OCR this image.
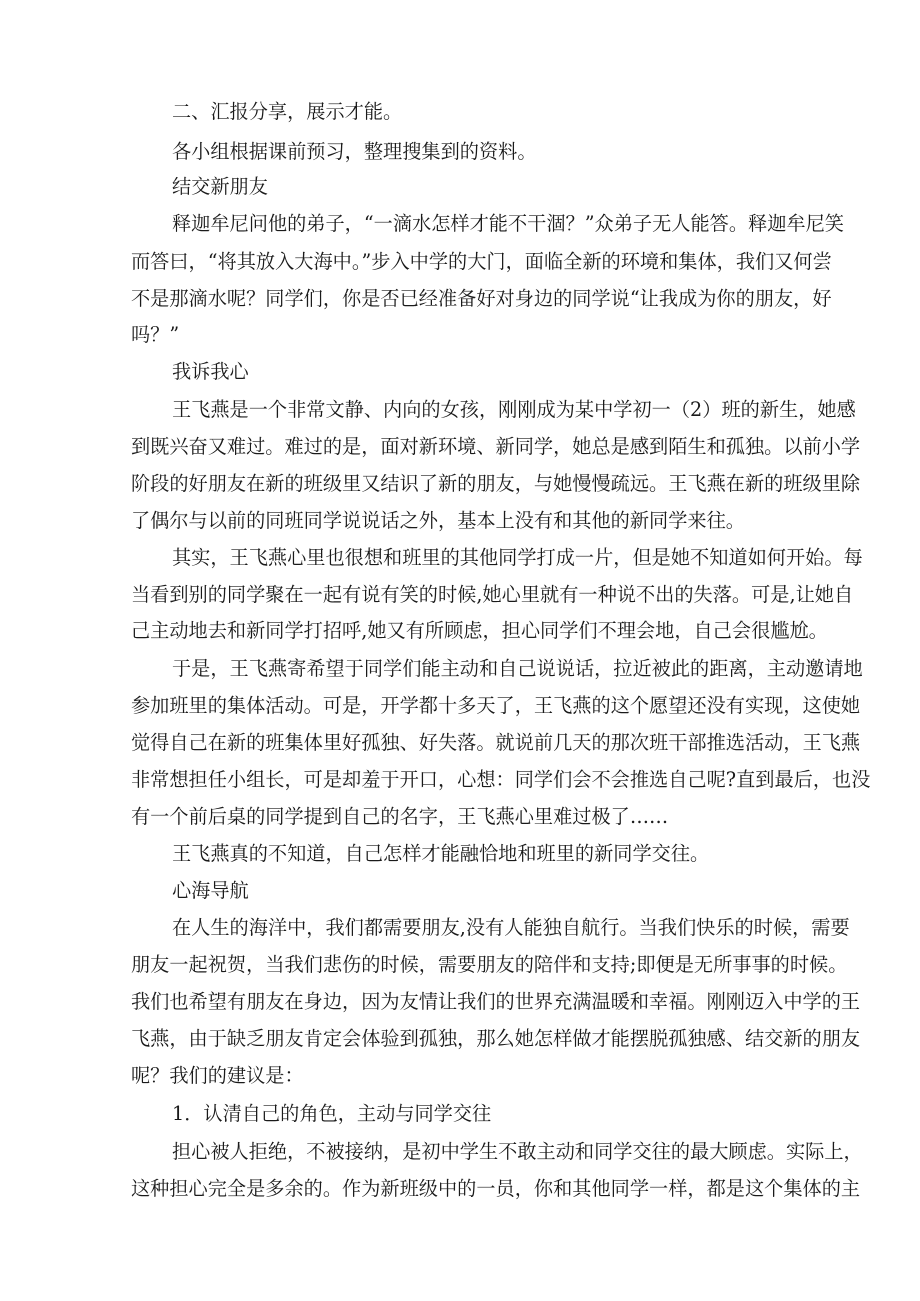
二、汇报分享，展示才能。

各小组根据课前预习，整理搜集到的资料。

结交新朋友

释迦牟尼问他的弟子，“一滴水怎样才能不干涸？”众弟子无人能答。释迦牟尼笑

而答曰，“将其放入大海中。”步入中学的大门，面临全新的环境和集体，我们又何尝

不是那滴水呢？同学们，你是否已经准备好对身边的同学说“让我成为你的朋友，好

吗？”

我诉我心

王飞燕是一个非常文静、内向的女孩，刚刚成为某中学初一（2）班的新生，她感

到既兴奋又难过。难过的是，面对新环境、新同学，她总是感到陌生和孤独。以前小学

阶段的好朋友在新的班级里又结识了新的朋友，与她慢慢疏远。王飞燕在新的班级里除

了偶尔与以前的同班同学说说话之外，基本上没有和其他的新同学来往。

其实，王飞燕心里也很想和班里的其他同学打成一片，但是她不知道如何开始。每

当看到别的同学聚在一起有说有笑的时候,她心里就有一种说不出的失落。可是,让她自

己主动地去和新同学打招呼,她又有所顾虑，担心同学们不理会地，自己会很尴尬。

于是，王飞燕寄希望于同学们能主动和自己说说话，拉近被此的距离，主动邀请地

参加班里的集体活动。可是，开学都十多天了，王飞燕的这个愿望还没有实现，这使她

觉得自己在新的班集体里好孤独、好失落。就说前几天的那次班干部推选活动，王飞燕

非常想担任小组长，可是却羞于开口，心想：同学们会不会推选自己呢?直到最后，也没

有一个前后桌的同学提到自己的名字，王飞燕心里难过极了……

王飞燕真的不知道，自己怎样才能融恰地和班里的新同学交往。

心海导航

在人生的海洋中，我们都需要朋友,没有人能独自航行。当我们快乐的时候，需要

朋友一起祝贺，当我们悲伤的时候，需要朋友的陪伴和支持;即便是无所事事的时候。

我们也希望有朋友在身边，因为友情让我们的世界充满温暖和幸福。刚刚迈入中学的王

飞燕，由于缺乏朋友肯定会体验到孤独，那么她怎样做才能摆脱孤独感、结交新的朋友

呢？我们的建议是：

1．认清自己的角色，主动与同学交往

担心被人拒绝，不被接纳，是初中学生不敢主动和同学交往的最大顾虑。实际上，

这种担心完全是多余的。作为新班级中的一员，你和其他同学一样，都是这个集体的主
